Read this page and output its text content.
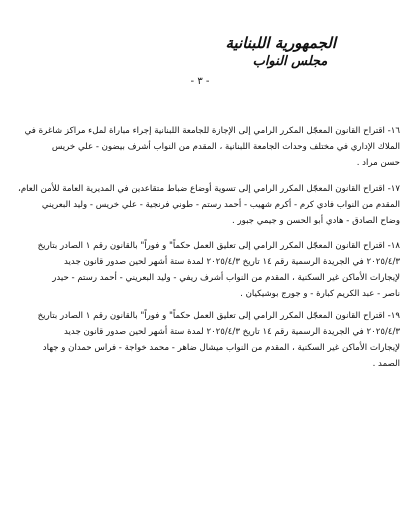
الجمهورية اللبنانية
مجلس النواب
- ٣ -
١٦- اقتراح القانون المعجّل المكرر الرامي إلى الإجازة للجامعة اللبنانية إجراء مباراة لملء مراكز شاغرة في
الملاك الإداري في مختلف وحدات الجامعة اللبنانية ، المقدم من النواب أشرف بيضون - علي خريس
حسن مراد .
١٧- اقتراح القانون المعجّل المكرر الرامي إلى تسوية أوضاع ضباط متقاعدين في المديرية العامة للأمن العام،
المقدم من النواب فادي كرم - أكرم شهيب - أحمد رستم - طوني فرنجية - علي خريس - وليد البعريني
وضاح الصادق - هادي أبو الحسن و جيمي جبور .
١٨- اقتراح القانون المعجّل المكرر الرامي إلى تعليق العمل حكماً" و فوراً" بالقانون رقم ١ الصادر بتاريخ
٢٠٢٥/٤/٣ في الجريدة الرسمية رقم ١٤ تاريخ ٢٠٢٥/٤/٣ لمدة ستة أشهر لحين صدور قانون جديد
لإيجارات الأماكن غير السكنية ، المقدم من النواب أشرف ريفي - وليد البعريني - أحمد رستم - حيدر
ناصر - عبد الكريم كبارة - و جورج بوشيكيان .
١٩- اقتراح القانون المعجّل المكرر الرامي إلى تعليق العمل حكماً" و فوراً" بالقانون رقم ١ الصادر بتاريخ
٢٠٢٥/٤/٣ في الجريدة الرسمية رقم ١٤ تاريخ ٢٠٢٥/٤/٣ لمدة ستة أشهر لحين صدور قانون جديد
لإيجارات الأماكن غير السكنية ، المقدم من النواب ميشال ضاهر - محمد خواجة - فراس حمدان و جهاد
الصمد .
